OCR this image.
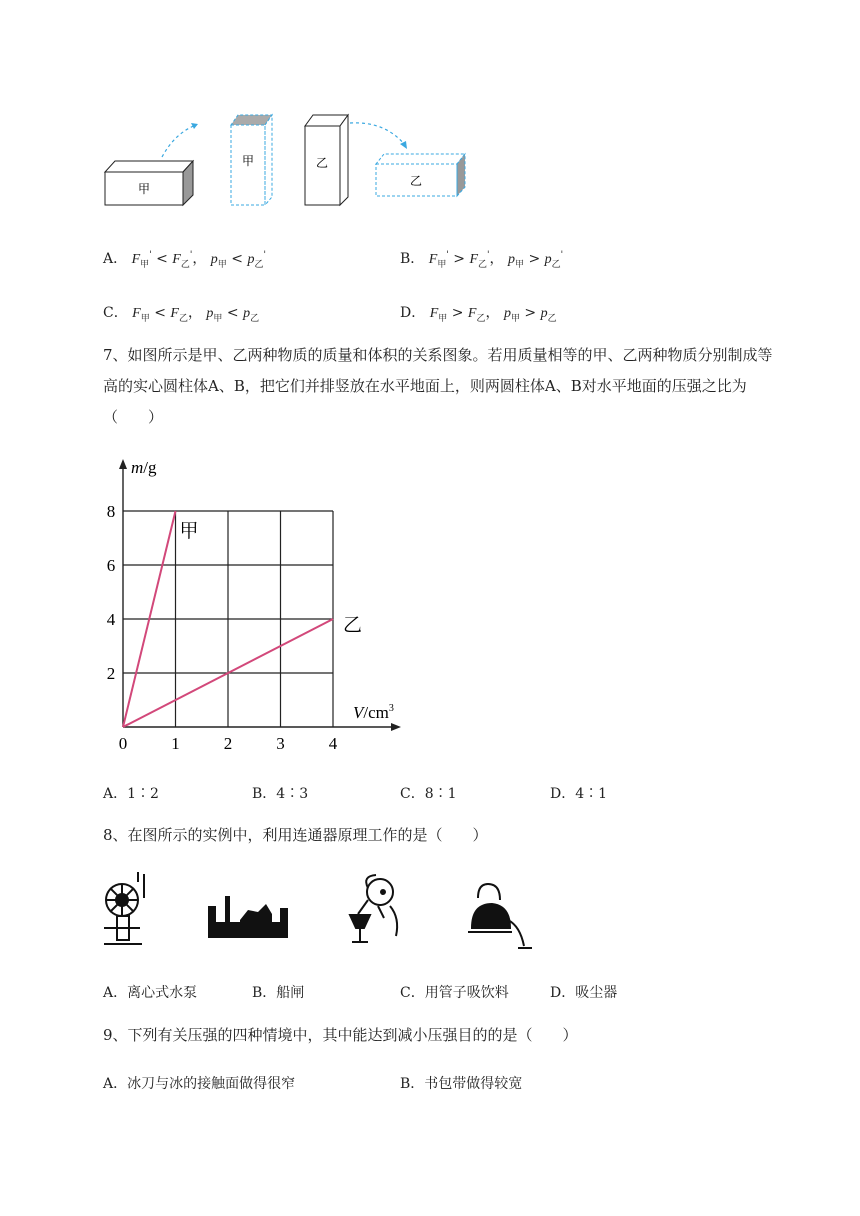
甲
甲	乙
乙
A． $F_甲' < F_乙'$， $p_甲 < p_乙'$	B． $F_甲' > F_乙'$， $p_甲 > p_乙'$
C． $F_甲 < F_乙$， $p_甲 < p_乙$	D． $F_甲 > F_乙$， $p_甲 > p_乙$
7、如图所示是甲、乙两种物质的质量和体积的关系图象。若用质量相等的甲、乙两种物质分别制成等
高的实心圆柱体A、B，把它们并排竖放在水平地面上，则两圆柱体A、B对水平地面的压强之比为
（　　）
0	1	2	3	4
2
4
6
8
甲
乙
m/g
$V/cm^3$
A．1∶2	B．4∶3	C．8∶1	D．4∶1
8、在图所示的实例中，利用连通器原理工作的是（　　）
A．离心式水泵	B．船闸	C．用管子吸饮料	D．吸尘器
9、下列有关压强的四种情境中，其中能达到减小压强目的的是（　　）
A．冰刀与冰的接触面做得很窄	B．书包带做得较宽
